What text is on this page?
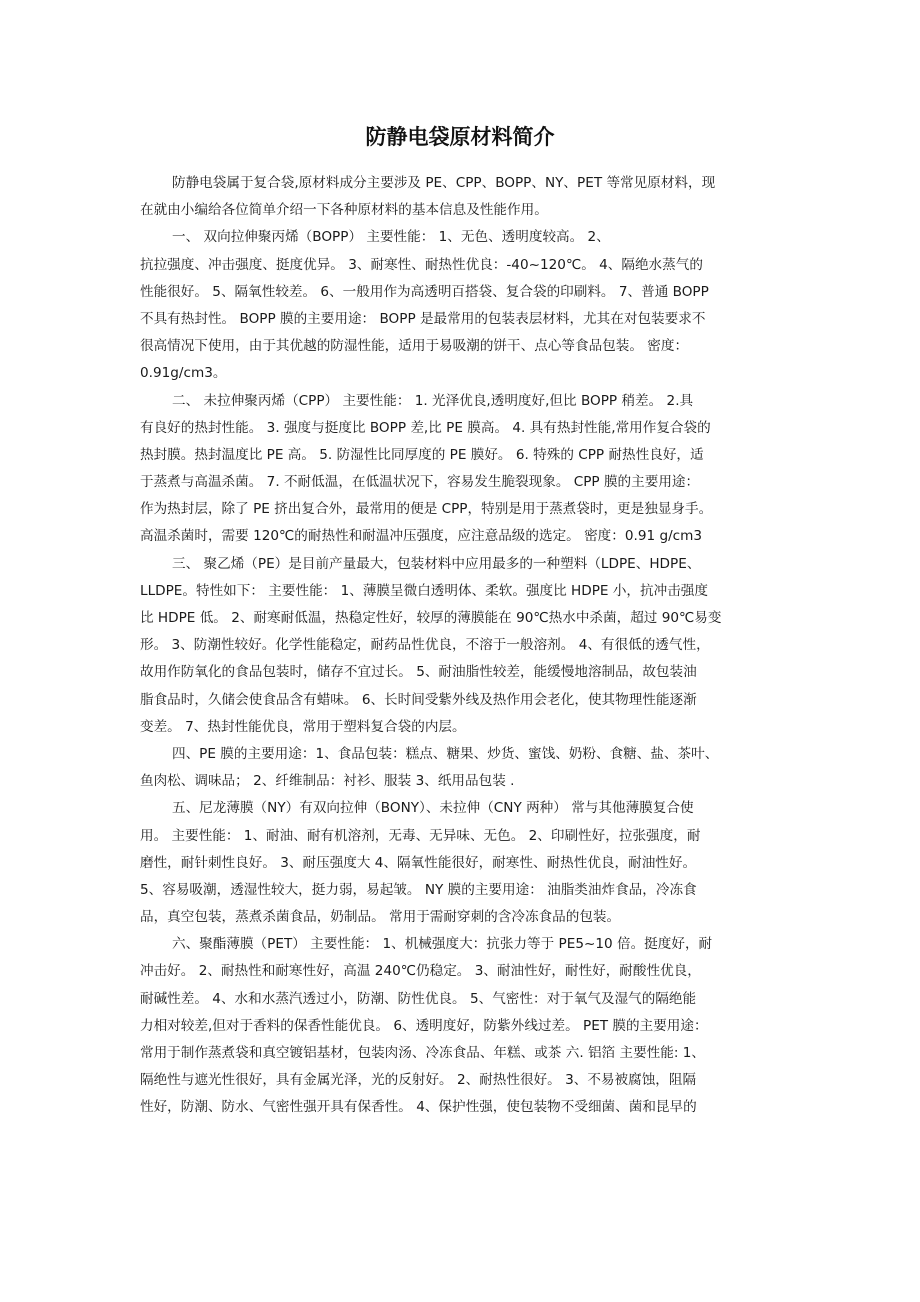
防静电袋原材料简介

防静电袋属于复合袋,原材料成分主要涉及 PE、CPP、BOPP、NY、PET 等常见原材料，现
在就由小编给各位简单介绍一下各种原材料的基本信息及性能作用。

一、 双向拉伸聚丙烯（BOPP） 主要性能： 1、无色、透明度较高。 2、
抗拉强度、冲击强度、挺度优异。 3、耐寒性、耐热性优良：-40~120℃。 4、隔绝水蒸气的
性能很好。 5、隔氧性较差。 6、一般用作为高透明百搭袋、复合袋的印刷料。 7、普通 BOPP
不具有热封性。 BOPP 膜的主要用途： BOPP 是最常用的包装表层材料，尤其在对包装要求不
很高情况下使用，由于其优越的防湿性能，适用于易吸潮的饼干、点心等食品包装。 密度：
0.91g/cm3。

二、 未拉伸聚丙烯（CPP） 主要性能： 1. 光泽优良,透明度好,但比 BOPP 稍差。 2.具
有良好的热封性能。 3. 强度与挺度比 BOPP 差,比 PE 膜高。 4. 具有热封性能,常用作复合袋的
热封膜。热封温度比 PE 高。 5. 防湿性比同厚度的 PE 膜好。 6. 特殊的 CPP 耐热性良好，适
于蒸煮与高温杀菌。 7. 不耐低温，在低温状况下，容易发生脆裂现象。 CPP 膜的主要用途：
作为热封层，除了 PE 挤出复合外，最常用的便是 CPP，特别是用于蒸煮袋时，更是独显身手。
高温杀菌时，需要 120℃的耐热性和耐温冲压强度，应注意品级的选定。 密度：0.91 g/cm3

三、 聚乙烯（PE）是目前产量最大，包装材料中应用最多的一种塑料（LDPE、HDPE、
LLDPE。特性如下： 主要性能： 1、薄膜呈微白透明体、柔软。强度比 HDPE 小，抗冲击强度
比 HDPE 低。 2、耐寒耐低温，热稳定性好，较厚的薄膜能在 90℃热水中杀菌，超过 90℃易变
形。 3、防潮性较好。化学性能稳定，耐药品性优良，不溶于一般溶剂。 4、有很低的透气性，
故用作防氧化的食品包装时，储存不宜过长。 5、耐油脂性较差，能缓慢地溶制品，故包装油
脂食品时，久储会使食品含有蜡味。 6、长时间受紫外线及热作用会老化，使其物理性能逐渐
变差。 7、热封性能优良，常用于塑料复合袋的内层。

四、PE 膜的主要用途：1、食品包装：糕点、糖果、炒货、蜜饯、奶粉、食糖、盐、茶叶、
鱼肉松、调味品； 2、纤维制品：衬衫、服装 3、纸用品包装 .

五、尼龙薄膜（NY）有双向拉伸（BONY）、未拉伸（CNY 两种） 常与其他薄膜复合使
用。 主要性能： 1、耐油、耐有机溶剂，无毒、无异味、无色。 2、印刷性好，拉张强度，耐
磨性，耐针刺性良好。 3、耐压强度大 4、隔氧性能很好，耐寒性、耐热性优良，耐油性好。
5、容易吸潮，透湿性较大，挺力弱，易起皱。 NY 膜的主要用途： 油脂类油炸食品，冷冻食
品，真空包装，蒸煮杀菌食品，奶制品。 常用于需耐穿刺的含冷冻食品的包装。

六、聚酯薄膜（PET） 主要性能： 1、机械强度大：抗张力等于 PE5~10 倍。挺度好，耐
冲击好。 2、耐热性和耐寒性好，高温 240℃仍稳定。 3、耐油性好，耐性好，耐酸性优良，
耐碱性差。 4、水和水蒸汽透过小，防潮、防性优良。 5、气密性：对于氧气及湿气的隔绝能
力相对较差,但对于香料的保香性能优良。 6、透明度好，防紫外线过差。 PET 膜的主要用途：
常用于制作蒸煮袋和真空镀铝基材，包装肉汤、冷冻食品、年糕、或茶 六. 铝箔 主要性能: 1、
隔绝性与遮光性很好，具有金属光泽，光的反射好。 2、耐热性很好。 3、不易被腐蚀，阻隔
性好，防潮、防水、气密性强开具有保香性。 4、保护性强，使包装物不受细菌、菌和昆早的
